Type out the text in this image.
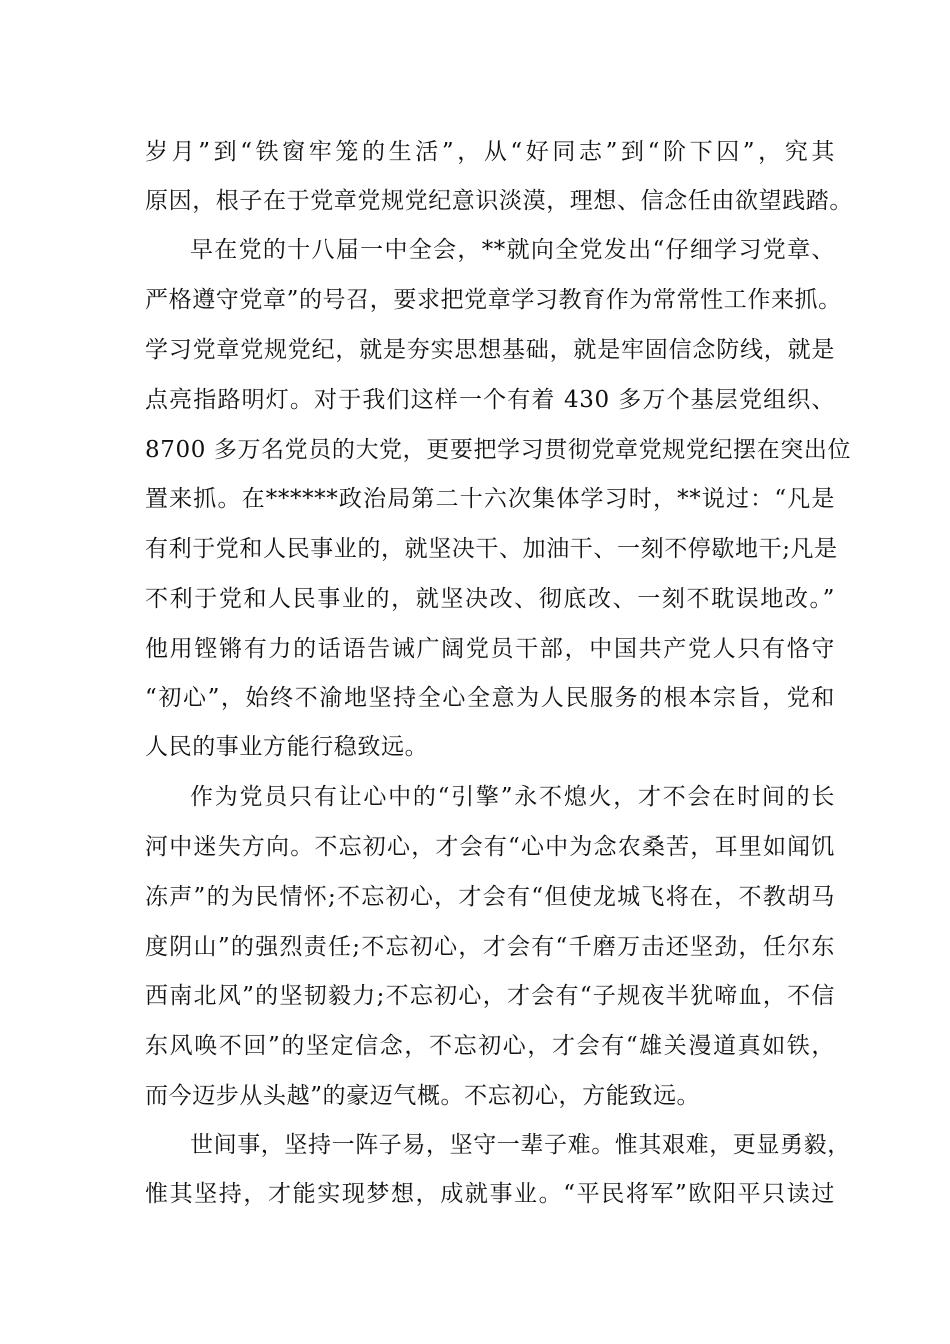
岁月”到“铁窗牢笼的生活”，从“好同志”到“阶下囚”，究其
原因，根子在于党章党规党纪意识淡漠，理想、信念任由欲望践踏。
早在党的十八届一中全会，**就向全党发出“仔细学习党章、
严格遵守党章”的号召，要求把党章学习教育作为常常性工作来抓。
学习党章党规党纪，就是夯实思想基础，就是牢固信念防线，就是
点亮指路明灯。对于我们这样一个有着 430 多万个基层党组织、
8700 多万名党员的大党，更要把学习贯彻党章党规党纪摆在突出位
置来抓。在******政治局第二十六次集体学习时，**说过：“凡是
有利于党和人民事业的，就坚决干、加油干、一刻不停歇地干;凡是
不利于党和人民事业的，就坚决改、彻底改、一刻不耽误地改。”
他用铿锵有力的话语告诫广阔党员干部，中国共产党人只有恪守
“初心”，始终不渝地坚持全心全意为人民服务的根本宗旨，党和
人民的事业方能行稳致远。
作为党员只有让心中的“引擎”永不熄火，才不会在时间的长
河中迷失方向。不忘初心，才会有“心中为念农桑苦，耳里如闻饥
冻声”的为民情怀;不忘初心，才会有“但使龙城飞将在，不教胡马
度阴山”的强烈责任;不忘初心，才会有“千磨万击还坚劲，任尔东
西南北风”的坚韧毅力;不忘初心，才会有“子规夜半犹啼血，不信
东风唤不回”的坚定信念，不忘初心，才会有“雄关漫道真如铁，
而今迈步从头越”的豪迈气概。不忘初心，方能致远。
世间事，坚持一阵子易，坚守一辈子难。惟其艰难，更显勇毅，
惟其坚持，才能实现梦想，成就事业。“平民将军”欧阳平只读过
